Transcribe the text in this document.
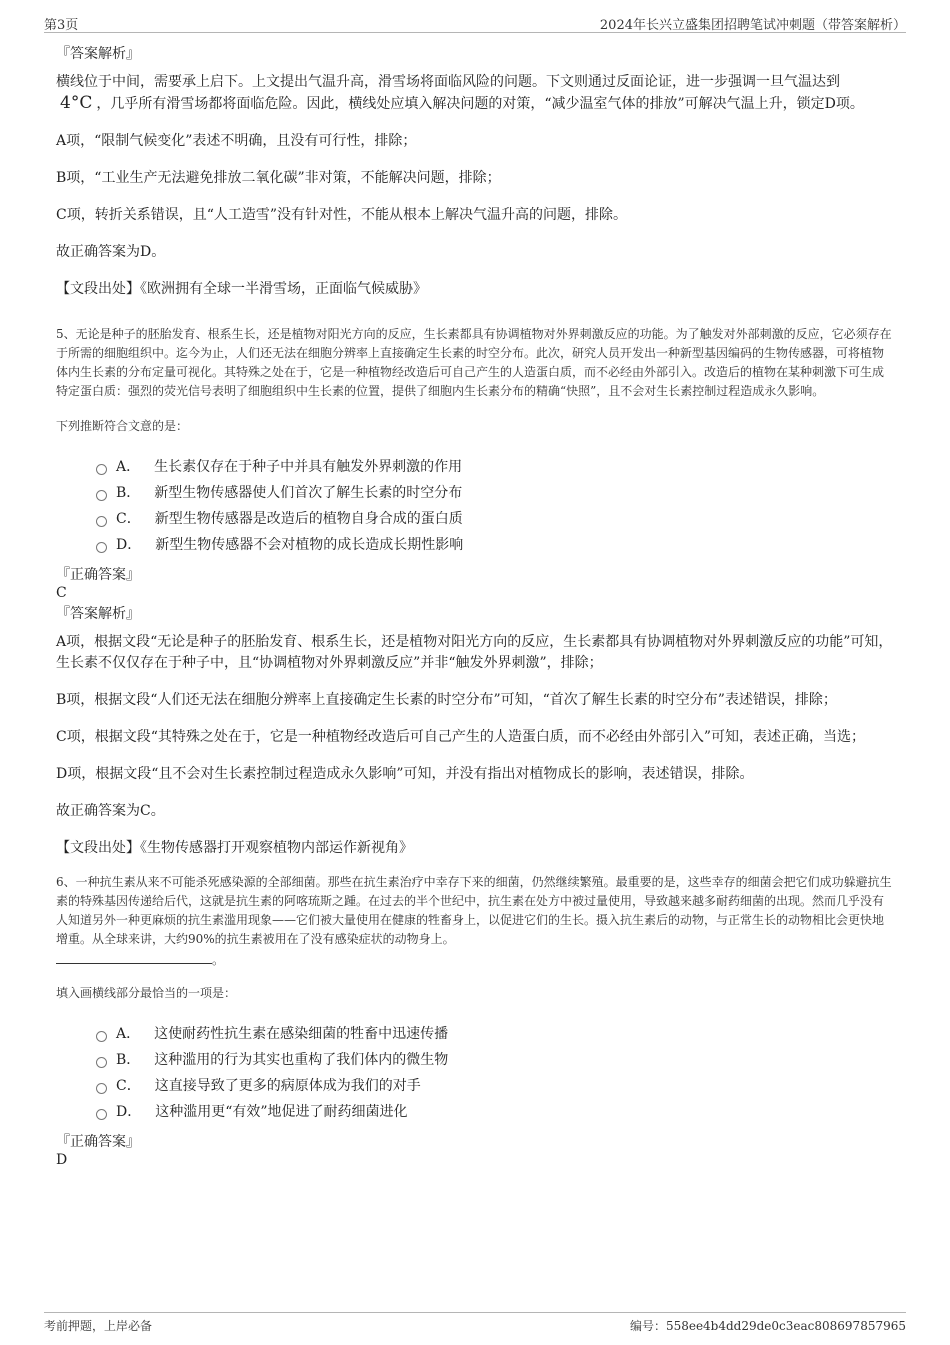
第3页	2024年长兴立盛集团招聘笔试冲刺题（带答案解析）
『答案解析』

横线位于中间，需要承上启下。上文提出气温升高，滑雪场将面临风险的问题。下文则通过反面论证，进一步强调一旦气温达到4°C ，几乎所有滑雪场都将面临危险。因此，横线处应填入解决问题的对策，“减少温室气体的排放”可解决气温上升，锁定D项。

A项，“限制气候变化”表述不明确，且没有可行性，排除；

B项，“工业生产无法避免排放二氧化碳”非对策，不能解决问题，排除；

C项，转折关系错误，且“人工造雪”没有针对性，不能从根本上解决气温升高的问题，排除。

故正确答案为D。

【文段出处】《欧洲拥有全球一半滑雪场，正面临气候威胁》

5、无论是种子的胚胎发育、根系生长，还是植物对阳光方向的反应，生长素都具有协调植物对外界刺激反应的功能。为了触发对外部刺激的反应，它必须存在于所需的细胞组织中。迄今为止，人们还无法在细胞分辨率上直接确定生长素的时空分布。此次，研究人员开发出一种新型基因编码的生物传感器，可将植物体内生长素的分布定量可视化。其特殊之处在于，它是一种植物经改造后可自己产生的人造蛋白质，而不必经由外部引入。改造后的植物在某种刺激下可生成特定蛋白质：强烈的荧光信号表明了细胞组织中生长素的位置，提供了细胞内生长素分布的精确“快照”，且不会对生长素控制过程造成永久影响。

下列推断符合文意的是：

A． 生长素仅存在于种子中并具有触发外界刺激的作用
B． 新型生物传感器使人们首次了解生长素的时空分布
C． 新型生物传感器是改造后的植物自身合成的蛋白质
D． 新型生物传感器不会对植物的成长造成长期性影响
『正确答案』
C
『答案解析』

A项，根据文段“无论是种子的胚胎发育、根系生长，还是植物对阳光方向的反应，生长素都具有协调植物对外界刺激反应的功能”可知，生长素不仅仅存在于种子中，且“协调植物对外界刺激反应”并非“触发外界刺激”，排除；

B项，根据文段“人们还无法在细胞分辨率上直接确定生长素的时空分布”可知，“首次了解生长素的时空分布”表述错误，排除；

C项，根据文段“其特殊之处在于，它是一种植物经改造后可自己产生的人造蛋白质，而不必经由外部引入”可知，表述正确，当选；

D项，根据文段“且不会对生长素控制过程造成永久影响”可知，并没有指出对植物成长的影响，表述错误，排除。

故正确答案为C。

【文段出处】《生物传感器打开观察植物内部运作新视角》

6、一种抗生素从来不可能杀死感染源的全部细菌。那些在抗生素治疗中幸存下来的细菌，仍然继续繁殖。最重要的是，这些幸存的细菌会把它们成功躲避抗生素的特殊基因传递给后代，这就是抗生素的阿喀琉斯之踵。在过去的半个世纪中，抗生素在处方中被过量使用，导致越来越多耐药细菌的出现。然而几乎没有人知道另外一种更麻烦的抗生素滥用现象——它们被大量使用在健康的牲畜身上，以促进它们的生长。摄入抗生素后的动物，与正常生长的动物相比会更快地增重。从全球来讲，大约90%的抗生素被用在了没有感染症状的动物身上。

。

填入画横线部分最恰当的一项是：

A． 这使耐药性抗生素在感染细菌的牲畜中迅速传播
B． 这种滥用的行为其实也重构了我们体内的微生物
C． 这直接导致了更多的病原体成为我们的对手
D． 这种滥用更“有效”地促进了耐药细菌进化
『正确答案』
D
考前押题，上岸必备	编号：558ee4b4dd29de0c3eac808697857965
